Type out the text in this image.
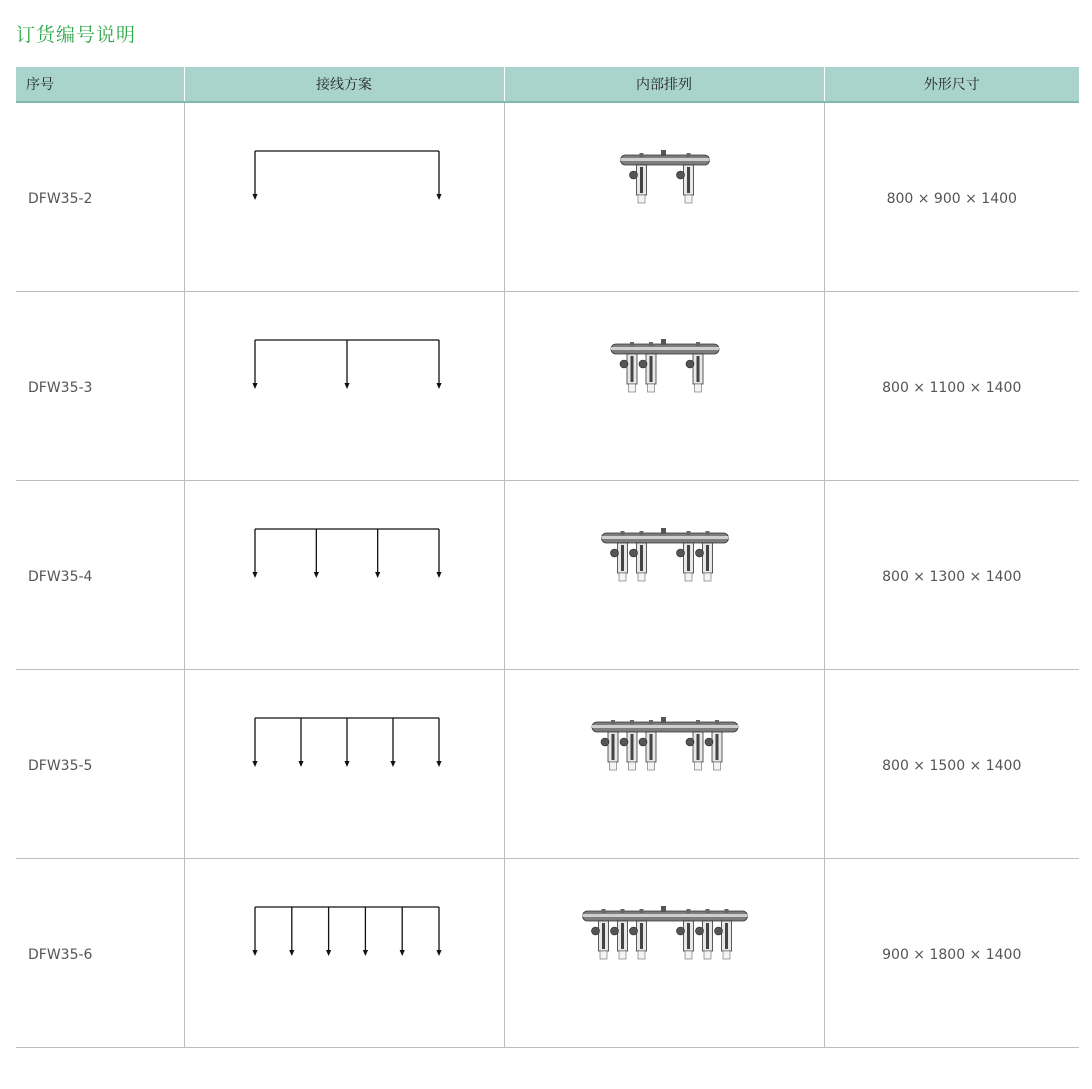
订货编号说明
序号	接线方案	内部排列	外形尺寸
DFW35-2			800 × 900 × 1400
DFW35-3			800 × 1100 × 1400
DFW35-4			800 × 1300 × 1400
DFW35-5			800 × 1500 × 1400
DFW35-6			900 × 1800 × 1400
